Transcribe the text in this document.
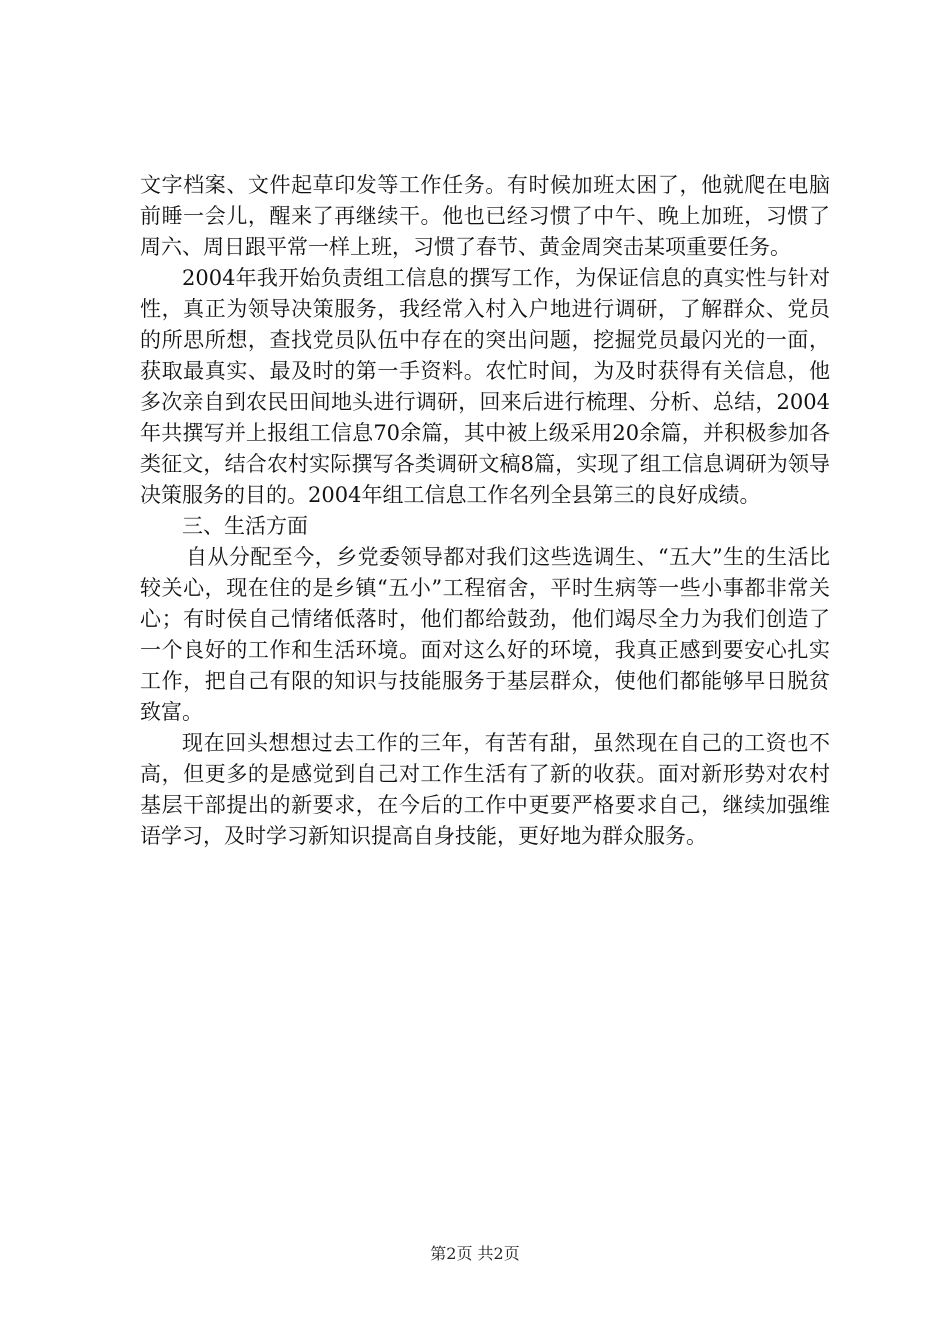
文字档案、文件起草印发等工作任务。有时候加班太困了，他就爬在电脑前睡一会儿，醒来了再继续干。他也已经习惯了中午、晚上加班，习惯了周六、周日跟平常一样上班，习惯了春节、黄金周突击某项重要任务。

2004年我开始负责组工信息的撰写工作，为保证信息的真实性与针对性，真正为领导决策服务，我经常入村入户地进行调研，了解群众、党员的所思所想，查找党员队伍中存在的突出问题，挖掘党员最闪光的一面，获取最真实、最及时的第一手资料。农忙时间，为及时获得有关信息，他多次亲自到农民田间地头进行调研，回来后进行梳理、分析、总结，2004年共撰写并上报组工信息70余篇，其中被上级采用20余篇，并积极参加各类征文，结合农村实际撰写各类调研文稿8篇，实现了组工信息调研为领导决策服务的目的。2004年组工信息工作名列全县第三的良好成绩。

三、生活方面

自从分配至今，乡党委领导都对我们这些选调生、“五大”生的生活比较关心，现在住的是乡镇“五小”工程宿舍，平时生病等一些小事都非常关心；有时侯自己情绪低落时，他们都给鼓劲，他们竭尽全力为我们创造了一个良好的工作和生活环境。面对这么好的环境，我真正感到要安心扎实工作，把自己有限的知识与技能服务于基层群众，使他们都能够早日脱贫致富。

现在回头想想过去工作的三年，有苦有甜，虽然现在自己的工资也不高，但更多的是感觉到自己对工作生活有了新的收获。面对新形势对农村基层干部提出的新要求，在今后的工作中更要严格要求自己，继续加强维语学习，及时学习新知识提高自身技能，更好地为群众服务。

第2页 共2页
